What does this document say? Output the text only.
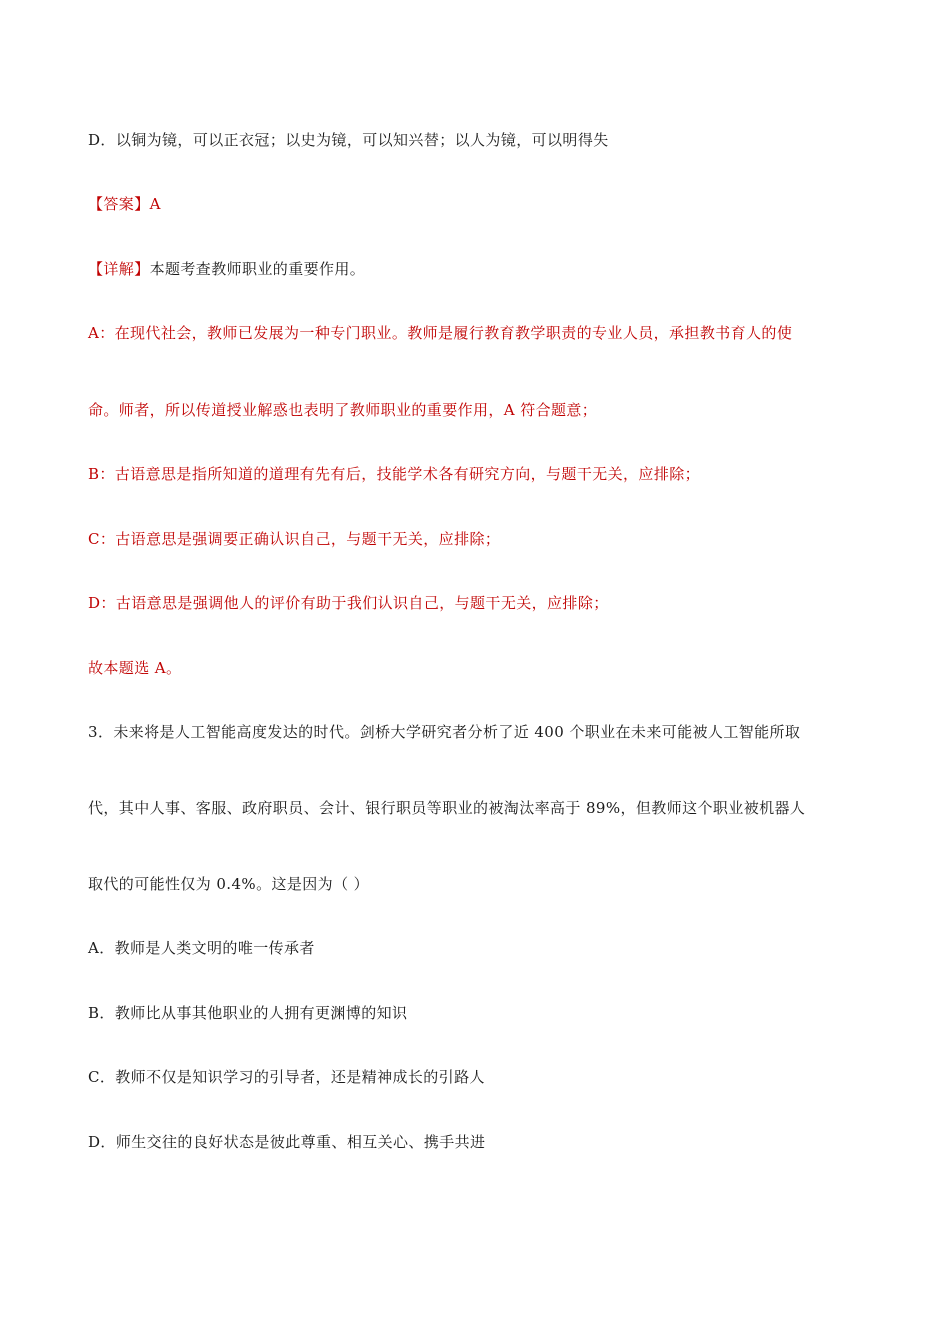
D．以铜为镜，可以正衣冠；以史为镜，可以知兴替；以人为镜，可以明得失
【答案】A
【详解】本题考查教师职业的重要作用。
A：在现代社会，教师已发展为一种专门职业。教师是履行教育教学职责的专业人员，承担教书育人的使
命。师者，所以传道授业解惑也表明了教师职业的重要作用，A 符合题意；
B：古语意思是指所知道的道理有先有后，技能学术各有研究方向，与题干无关，应排除；
C：古语意思是强调要正确认识自己，与题干无关，应排除；
D：古语意思是强调他人的评价有助于我们认识自己，与题干无关，应排除；
故本题选 A。
3．未来将是人工智能高度发达的时代。剑桥大学研究者分析了近 400 个职业在未来可能被人工智能所取
代，其中人事、客服、政府职员、会计、银行职员等职业的被淘汰率高于 89%，但教师这个职业被机器人
取代的可能性仅为 0.4%。这是因为（ ）
A．教师是人类文明的唯一传承者
B．教师比从事其他职业的人拥有更渊博的知识
C．教师不仅是知识学习的引导者，还是精神成长的引路人
D．师生交往的良好状态是彼此尊重、相互关心、携手共进
